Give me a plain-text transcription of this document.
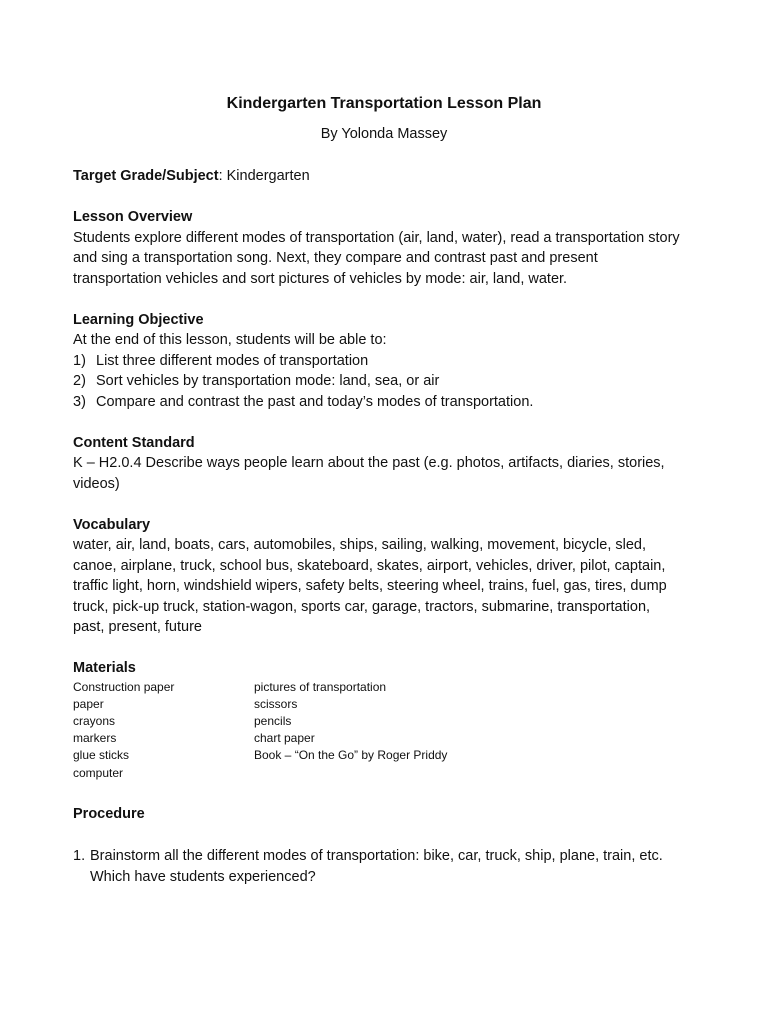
Kindergarten Transportation Lesson Plan
By Yolonda Massey

Target Grade/Subject: Kindergarten

Lesson Overview

Students explore different modes of transportation (air, land, water), read a transportation story and sing a transportation song. Next, they compare and contrast past and present transportation vehicles and sort pictures of vehicles by mode: air, land, water.

Learning Objective

At the end of this lesson, students will be able to:

1) List three different modes of transportation
2) Sort vehicles by transportation mode: land, sea, or air
3) Compare and contrast the past and today’s modes of transportation.

Content Standard

K – H2.0.4 Describe ways people learn about the past (e.g. photos, artifacts, diaries, stories, videos)

Vocabulary

water, air, land, boats, cars, automobiles, ships, sailing, walking, movement, bicycle, sled, canoe, airplane, truck, school bus, skateboard, skates, airport, vehicles, driver, pilot, captain, traffic light, horn, windshield wipers, safety belts, steering wheel, trains, fuel, gas, tires, dump truck, pick-up truck, station-wagon, sports car, garage, tractors, submarine, transportation, past, present, future

Materials

Construction paper
paper
crayons
markers
glue sticks
computer
pictures of transportation
scissors
pencils
chart paper
Book – “On the Go” by Roger Priddy

Procedure

1. Brainstorm all the different modes of transportation: bike, car, truck, ship, plane, train, etc. Which have students experienced?
